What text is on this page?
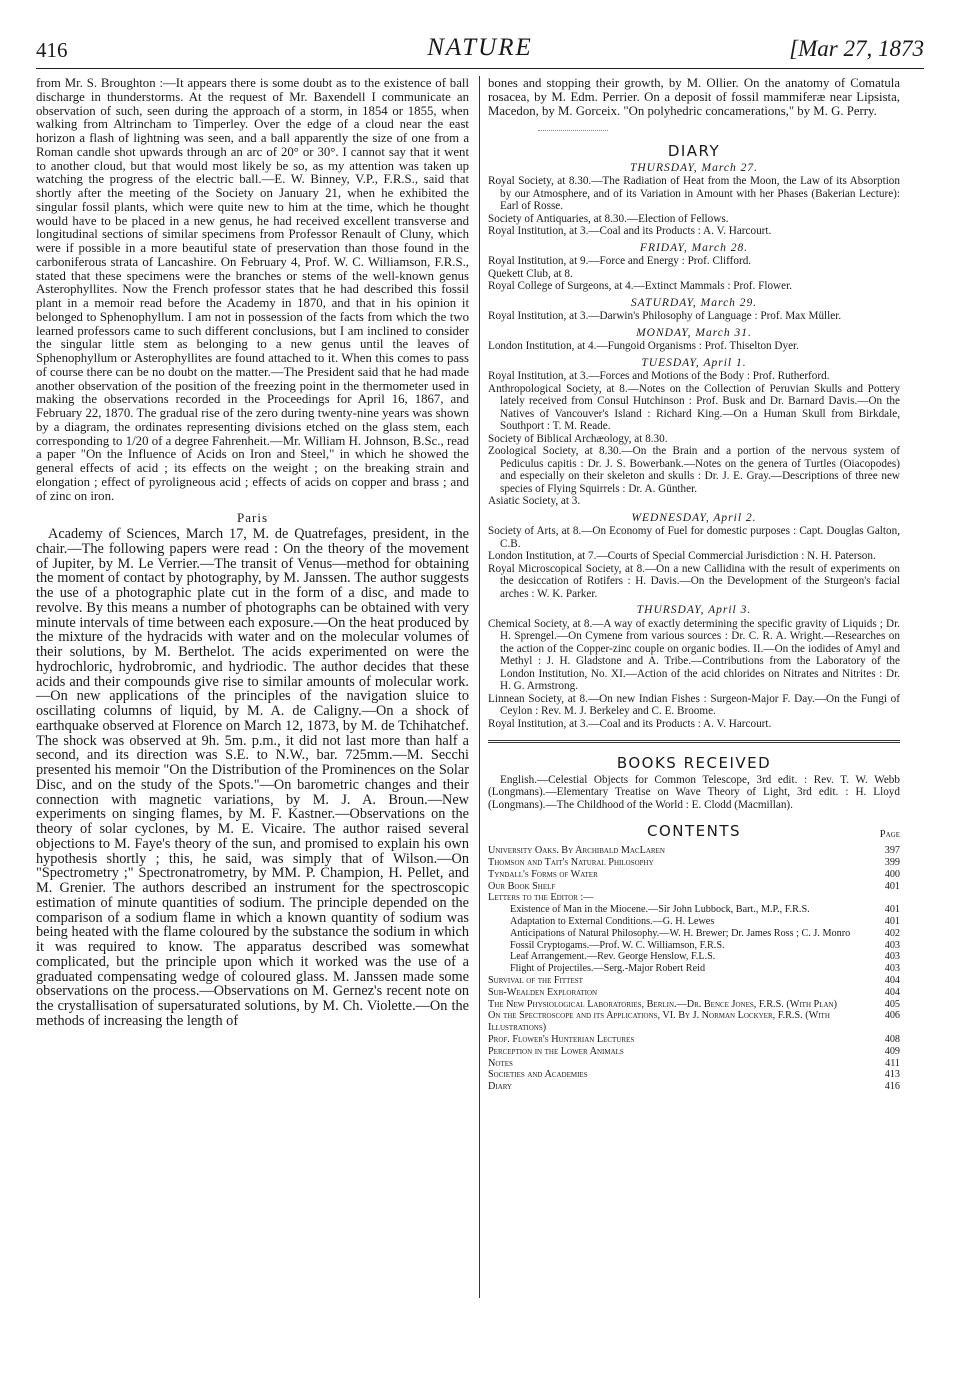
416	NATURE	[Mar 27, 1873

from Mr. S. Broughton :—It appears there is some doubt as to the existence of ball discharge in thunderstorms. At the request of Mr. Baxendell I communicate an observation of such, seen during the approach of a storm, in 1854 or 1855, when walking from Altrincham to Timperley. Over the edge of a cloud near the east horizon a flash of lightning was seen, and a ball apparently the size of one from a Roman candle shot upwards through an arc of 20° or 30°. I cannot say that it went to another cloud, but that would most likely be so, as my attention was taken up watching the progress of the electric ball.—E. W. Binney, V.P., F.R.S., said that shortly after the meeting of the Society on January 21, when he exhibited the singular fossil plants, which were quite new to him at the time, which he thought would have to be placed in a new genus, he had received excellent transverse and longitudinal sections of similar specimens from Professor Renault of Cluny, which were if possible in a more beautiful state of preservation than those found in the carboniferous strata of Lancashire. On February 4, Prof. W. C. Williamson, F.R.S., stated that these specimens were the branches or stems of the well-known genus Asterophyllites. Now the French professor states that he had described this fossil plant in a memoir read before the Academy in 1870, and that in his opinion it belonged to Sphenophyllum. I am not in possession of the facts from which the two learned professors came to such different conclusions, but I am inclined to consider the singular little stem as belonging to a new genus until the leaves of Sphenophyllum or Asterophyllites are found attached to it. When this comes to pass of course there can be no doubt on the matter.—The President said that he had made another observation of the position of the freezing point in the thermometer used in making the observations recorded in the Proceedings for April 16, 1867, and February 22, 1870. The gradual rise of the zero during twenty-nine years was shown by a diagram, the ordinates representing divisions etched on the glass stem, each corresponding to 1/20 of a degree Fahrenheit.—Mr. William H. Johnson, B.Sc., read a paper "On the Influence of Acids on Iron and Steel," in which he showed the general effects of acid ; its effects on the weight ; on the breaking strain and elongation ; effect of pyroligneous acid ; effects of acids on copper and brass ; and of zinc on iron.

Paris

Academy of Sciences, March 17, M. de Quatrefages, president, in the chair.—The following papers were read : On the theory of the movement of Jupiter, by M. Le Verrier.—The transit of Venus—method for obtaining the moment of contact by photography, by M. Janssen. The author suggests the use of a photographic plate cut in the form of a disc, and made to revolve. By this means a number of photographs can be obtained with very minute intervals of time between each exposure.—On the heat produced by the mixture of the hydracids with water and on the molecular volumes of their solutions, by M. Berthelot. The acids experimented on were the hydrochloric, hydrobromic, and hydriodic. The author decides that these acids and their compounds give rise to similar amounts of molecular work.—On new applications of the principles of the navigation sluice to oscillating columns of liquid, by M. A. de Caligny.—On a shock of earthquake observed at Florence on March 12, 1873, by M. de Tchihatchef. The shock was observed at 9h. 5m. p.m., it did not last more than half a second, and its direction was S.E. to N.W., bar. 725mm.—M. Secchi presented his memoir "On the Distribution of the Prominences on the Solar Disc, and on the study of the Spots."—On barometric changes and their connection with magnetic variations, by M. J. A. Broun.—New experiments on singing flames, by M. F. Kastner.—Observations on the theory of solar cyclones, by M. E. Vicaire. The author raised several objections to M. Faye's theory of the sun, and promised to explain his own hypothesis shortly ; this, he said, was simply that of Wilson.—On "Spectrometry ;" Spectronatrometry, by MM. P. Champion, H. Pellet, and M. Grenier. The authors described an instrument for the spectroscopic estimation of minute quantities of sodium. The principle depended on the comparison of a sodium flame in which a known quantity of sodium was being heated with the flame coloured by the substance the sodium in which it was required to know. The apparatus described was somewhat complicated, but the principle upon which it worked was the use of a graduated compensating wedge of coloured glass. M. Janssen made some observations on the process.—Observations on M. Gernez's recent note on the crystallisation of supersaturated solutions, by M. Ch. Violette.—On the methods of increasing the length of

bones and stopping their growth, by M. Ollier. On the anatomy of Comatula rosacea, by M. Edm. Perrier. On a deposit of fossil mammiferæ near Lipsista, Macedon, by M. Gorceix. "On polyhedric concamerations," by M. G. Perry.

DIARY
THURSDAY, March 27.

Royal Society, at 8.30.—The Radiation of Heat from the Moon, the Law of its Absorption by our Atmosphere, and of its Variation in Amount with her Phases (Bakerian Lecture): Earl of Rosse.

Society of Antiquaries, at 8.30.—Election of Fellows.

Royal Institution, at 3.—Coal and its Products : A. V. Harcourt.

FRIDAY, March 28.

Royal Institution, at 9.—Force and Energy : Prof. Clifford.

Quekett Club, at 8.

Royal College of Surgeons, at 4.—Extinct Mammals : Prof. Flower.

SATURDAY, March 29.

Royal Institution, at 3.—Darwin's Philosophy of Language : Prof. Max Müller.

MONDAY, March 31.

London Institution, at 4.—Fungoid Organisms : Prof. Thiselton Dyer.

TUESDAY, April 1.

Royal Institution, at 3.—Forces and Motions of the Body : Prof. Rutherford.

Anthropological Society, at 8.—Notes on the Collection of Peruvian Skulls and Pottery lately received from Consul Hutchinson : Prof. Busk and Dr. Barnard Davis.—On the Natives of Vancouver's Island : Richard King.—On a Human Skull from Birkdale, Southport : T. M. Reade.

Society of Biblical Archæology, at 8.30.

Zoological Society, at 8.30.—On the Brain and a portion of the nervous system of Pediculus capitis : Dr. J. S. Bowerbank.—Notes on the genera of Turtles (Oiacopodes) and especially on their skeleton and skulls : Dr. J. E. Gray.—Descriptions of three new species of Flying Squirrels : Dr. A. Günther.

Asiatic Society, at 3.

WEDNESDAY, April 2.

Society of Arts, at 8.—On Economy of Fuel for domestic purposes : Capt. Douglas Galton, C.B.

London Institution, at 7.—Courts of Special Commercial Jurisdiction : N. H. Paterson.

Royal Microscopical Society, at 8.—On a new Callidina with the result of experiments on the desiccation of Rotifers : H. Davis.—On the Development of the Sturgeon's facial arches : W. K. Parker.

THURSDAY, April 3.

Chemical Society, at 8.—A way of exactly determining the specific gravity of Liquids ; Dr. H. Sprengel.—On Cymene from various sources : Dr. C. R. A. Wright.—Researches on the action of the Copper-zinc couple on organic bodies. II.—On the iodides of Amyl and Methyl : J. H. Gladstone and A. Tribe.—Contributions from the Laboratory of the London Institution, No. XI.—Action of the acid chlorides on Nitrates and Nitrites : Dr. H. G. Armstrong.

Linnean Society, at 8.—On new Indian Fishes : Surgeon-Major F. Day.—On the Fungi of Ceylon : Rev. M. J. Berkeley and C. E. Broome.

Royal Institution, at 3.—Coal and its Products : A. V. Harcourt.

BOOKS RECEIVED

English.—Celestial Objects for Common Telescope, 3rd edit. : Rev. T. W. Webb (Longmans).—Elementary Treatise on Wave Theory of Light, 3rd edit. : H. Lloyd (Longmans).—The Childhood of the World : E. Clodd (Macmillan).

CONTENTS	Page
University Oaks. By Archibald MacLaren	397
Thomson and Tait's Natural Philosophy	399
Tyndall's Forms of Water	400
Our Book Shelf	401
Letters to the Editor :—
Existence of Man in the Miocene.—Sir John Lubbock, Bart., M.P., F.R.S.	401
Adaptation to External Conditions.—G. H. Lewes	401
Anticipations of Natural Philosophy.—W. H. Brewer; Dr. James Ross ; C. J. Monro	402
Fossil Cryptogams.—Prof. W. C. Williamson, F.R.S.	403
Leaf Arrangement.—Rev. George Henslow, F.L.S.	403
Flight of Projectiles.—Serg.-Major Robert Reid	403
Survival of the Fittest	404
Sub-Wealden Exploration	404
The New Physiological Laboratories, Berlin.—Dr. Bence Jones, F.R.S. (With Plan)	405
On the Spectroscope and its Applications, VI. By J. Norman Lockyer, F.R.S. (With Illustrations)
406
Prof. Flower's Hunterian Lectures	408
Perception in the Lower Animals	409
Notes	411
Societies and Academies	413
Diary	416
